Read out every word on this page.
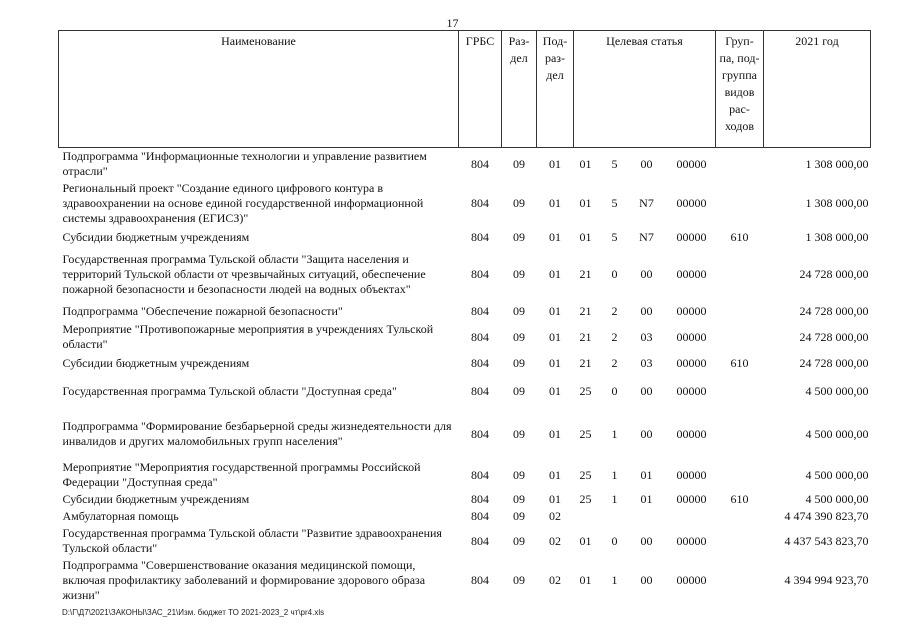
17
Наименование	ГРБС	Раз-дел	Под-раз-дел	Целевая статья	Груп-па, под-группа видов рас-ходов	2021 год
Подпрограмма "Информационные технологии и управление развитием отрасли"	804	09	01	01 5 00 00000		1 308 000,00
Региональный проект "Создание единого цифрового контура в здравоохранении на основе единой государственной информационной системы здравоохранения (ЕГИСЗ)"	804	09	01	01 5 N7 00000		1 308 000,00
Субсидии бюджетным учреждениям	804	09	01	01 5 N7 00000	610	1 308 000,00
Государственная программа Тульской области "Защита населения и территорий Тульской области от чрезвычайных ситуаций, обеспечение пожарной безопасности и безопасности людей на водных объектах"	804	09	01	21 0 00 00000		24 728 000,00
Подпрограмма "Обеспечение пожарной безопасности"	804	09	01	21 2 00 00000		24 728 000,00
Мероприятие "Противопожарные мероприятия в учреждениях Тульской области"	804	09	01	21 2 03 00000		24 728 000,00
Субсидии бюджетным учреждениям	804	09	01	21 2 03 00000	610	24 728 000,00
Государственная программа Тульской области "Доступная среда"	804	09	01	25 0 00 00000		4 500 000,00
Подпрограмма "Формирование безбарьерной среды жизнедеятельности для инвалидов и других маломобильных групп населения"	804	09	01	25 1 00 00000		4 500 000,00
Мероприятие "Мероприятия государственной программы Российской Федерации "Доступная среда"	804	09	01	25 1 01 00000		4 500 000,00
Субсидии бюджетным учреждениям	804	09	01	25 1 01 00000	610	4 500 000,00
Амбулаторная помощь	804	09	02			4 474 390 823,70
Государственная программа Тульской области "Развитие здравоохранения Тульской области"	804	09	02	01 0 00 00000		4 437 543 823,70
Подпрограмма "Совершенствование оказания медицинской помощи, включая профилактику заболеваний и формирование здорового образа жизни"	804	09	02	01 1 00 00000		4 394 994 923,70
D:\Г\Д7\2021\ЗАКОНЫ\ЗАС_21\Изм. бюджет ТО 2021-2023_2 чт\pr4.xls
